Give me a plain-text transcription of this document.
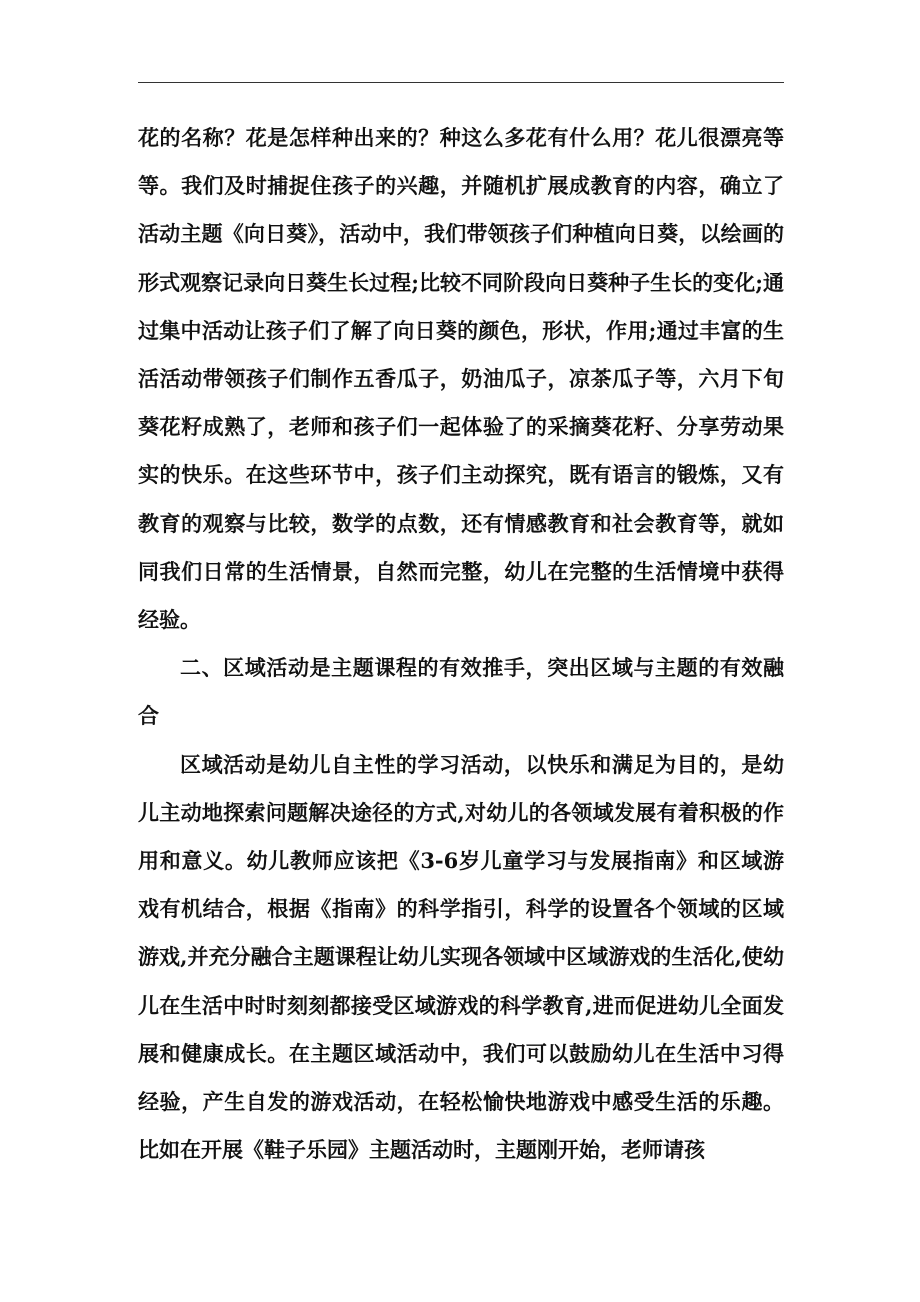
花的名称？花是怎样种出来的？种这么多花有什么用？花儿很漂亮等等。我们及时捕捉住孩子的兴趣，并随机扩展成教育的内容，确立了活动主题《向日葵》，活动中，我们带领孩子们种植向日葵，以绘画的形式观察记录向日葵生长过程;比较不同阶段向日葵种子生长的变化;通过集中活动让孩子们了解了向日葵的颜色，形状，作用;通过丰富的生活活动带领孩子们制作五香瓜子，奶油瓜子，凉茶瓜子等，六月下旬葵花籽成熟了，老师和孩子们一起体验了的采摘葵花籽、分享劳动果实的快乐。在这些环节中，孩子们主动探究，既有语言的锻炼，又有教育的观察与比较，数学的点数，还有情感教育和社会教育等，就如同我们日常的生活情景，自然而完整，幼儿在完整的生活情境中获得经验。

二、区域活动是主题课程的有效推手，突出区域与主题的有效融合

区域活动是幼儿自主性的学习活动，以快乐和满足为目的，是幼儿主动地探索问题解决途径的方式,对幼儿的各领域发展有着积极的作用和意义。幼儿教师应该把《3-6岁儿童学习与发展指南》和区域游戏有机结合，根据《指南》的科学指引，科学的设置各个领域的区域游戏,并充分融合主题课程让幼儿实现各领域中区域游戏的生活化,使幼儿在生活中时时刻刻都接受区域游戏的科学教育,进而促进幼儿全面发展和健康成长。在主题区域活动中，我们可以鼓励幼儿在生活中习得经验，产生自发的游戏活动，在轻松愉快地游戏中感受生活的乐趣。比如在开展《鞋子乐园》主题活动时，主题刚开始，老师请孩
